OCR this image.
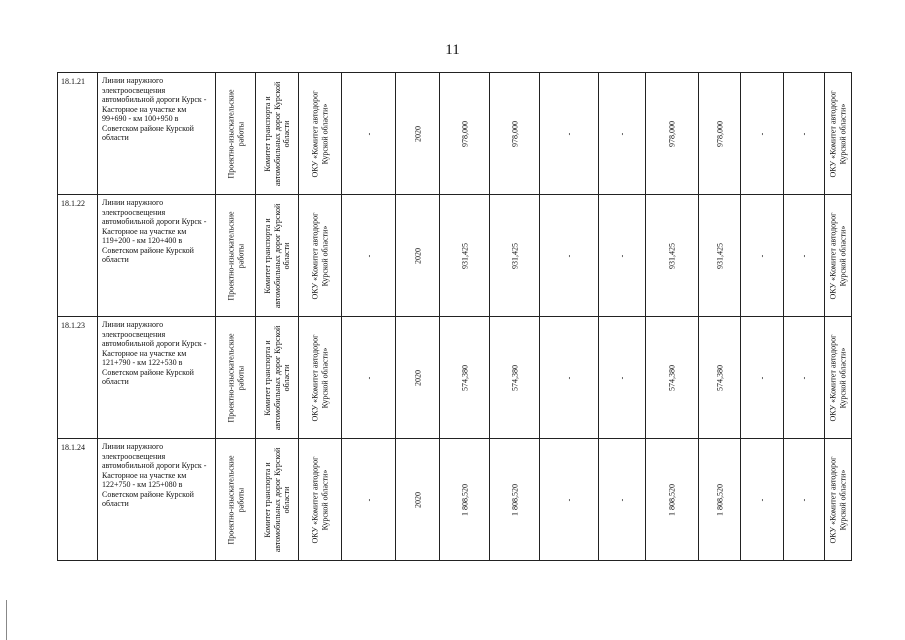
11
18.1.21	Линии наружного электроосвещения автомобильной дороги Курск - Касторное на участке км 99+690 - км 100+950 в Советском районе Курской области	Проектно-изыскательские работы	Комитет транспорта и автомобильных дорог Курской области	ОКУ «Комитет автодорог Курской области»	-	2020	978,000	978,000	-	-	978,000	978,000	-	-	ОКУ «Комитет автодорог Курской области»

18.1.22	Линии наружного электроосвещения автомобильной дороги Курск - Касторное на участке км 119+200 - км 120+400 в Советском районе Курской области	Проектно-изыскательские работы	Комитет транспорта и автомобильных дорог Курской области	ОКУ «Комитет автодорог Курской области»	-	2020	931,425	931,425	-	-	931,425	931,425	-	-	ОКУ «Комитет автодорог Курской области»

18.1.23	Линии наружного электроосвещения автомобильной дороги Курск - Касторное на участке км 121+790 - км 122+530 в Советском районе Курской области	Проектно-изыскательские работы	Комитет транспорта и автомобильных дорог Курской области	ОКУ «Комитет автодорог Курской области»	-	2020	574,380	574,380	-	-	574,380	574,380	-	-	ОКУ «Комитет автодорог Курской области»

18.1.24	Линии наружного электроосвещения автомобильной дороги Курск - Касторное на участке км 122+750 - км 125+080 в Советском районе Курской области	Проектно-изыскательские работы	Комитет транспорта и автомобильных дорог Курской области	ОКУ «Комитет автодорог Курской области»	-	2020	1 808,520	1 808,520	-	-	1 808,520	1 808,520	-	-	ОКУ «Комитет автодорог Курской области»
